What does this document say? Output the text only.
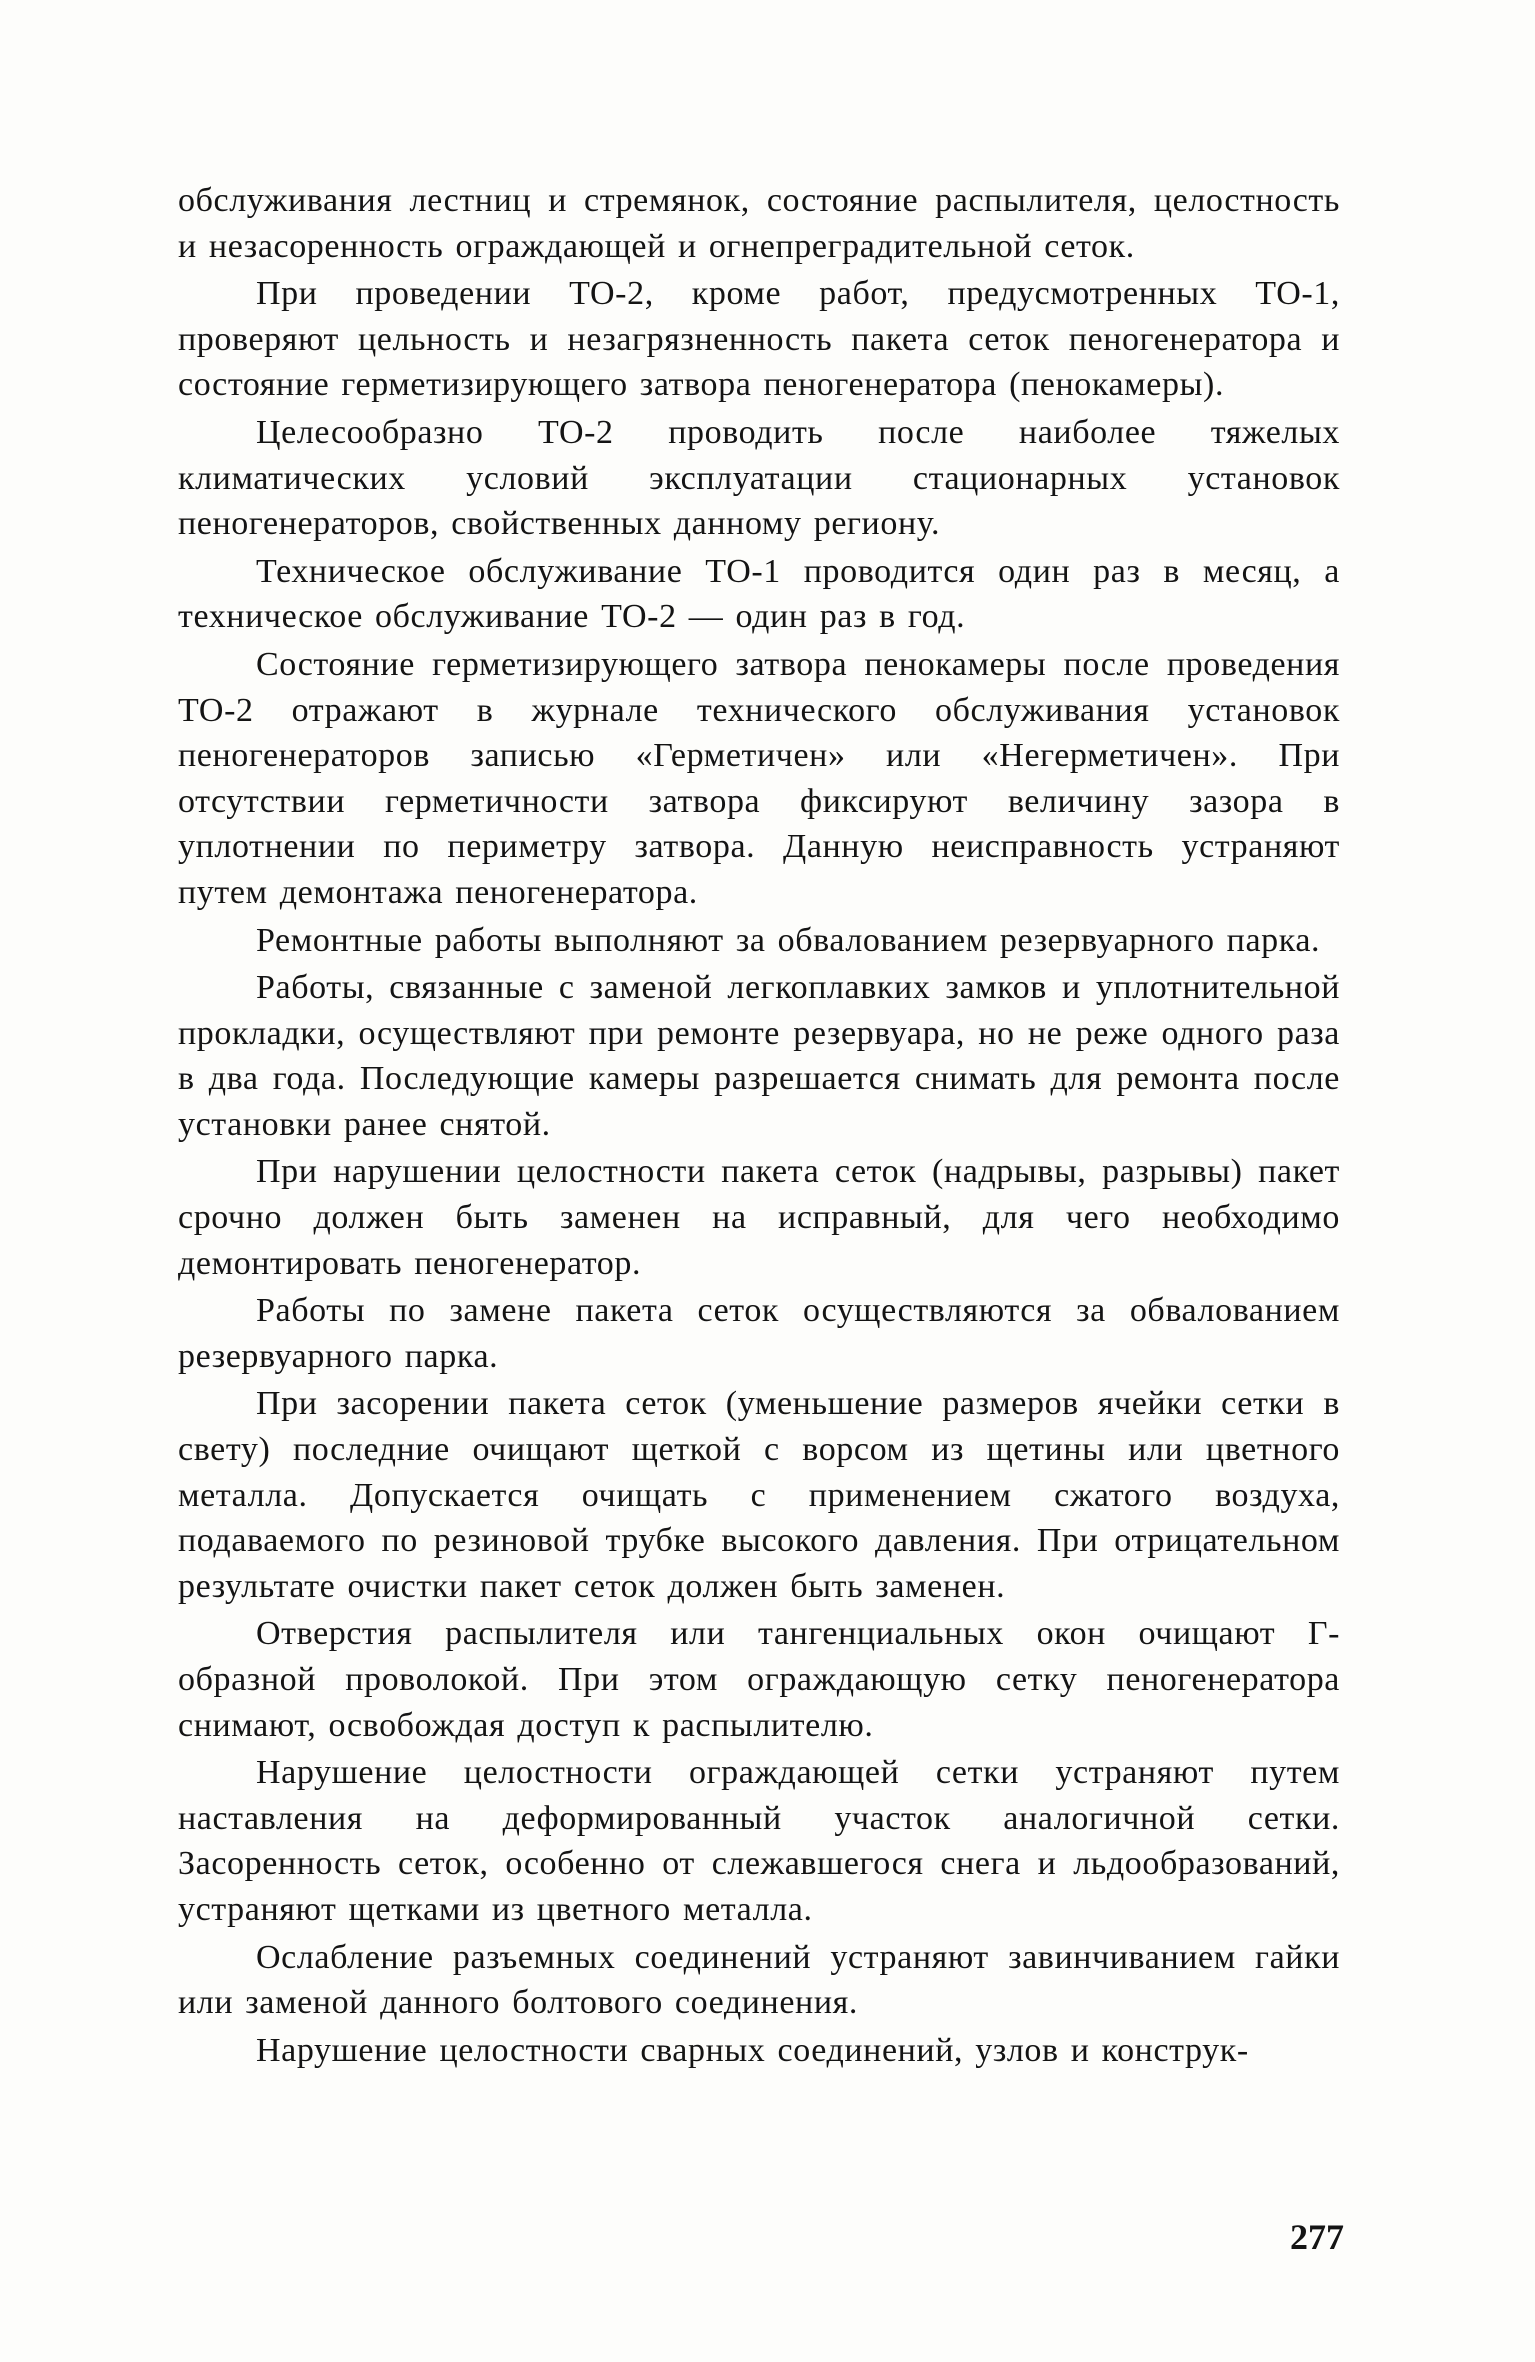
обслуживания лестниц и стремянок, состояние распылителя, целостность и незасоренность ограждающей и огнепреградительной сеток.

При проведении ТО-2, кроме работ, предусмотренных ТО-1, проверяют цельность и незагрязненность пакета сеток пеногенератора и состояние герметизирующего затвора пеногенератора (пенокамеры).

Целесообразно ТО-2 проводить после наиболее тяжелых климатических условий эксплуатации стационарных установок пеногенераторов, свойственных данному региону.

Техническое обслуживание ТО-1 проводится один раз в месяц, а техническое обслуживание ТО-2 — один раз в год.

Состояние герметизирующего затвора пенокамеры после проведения ТО-2 отражают в журнале технического обслуживания установок пеногенераторов записью «Герметичен» или «Негерметичен». При отсутствии герметичности затвора фиксируют величину зазора в уплотнении по периметру затвора. Данную неисправность устраняют путем демонтажа пеногенератора.

Ремонтные работы выполняют за обвалованием резервуарного парка.

Работы, связанные с заменой легкоплавких замков и уплотнительной прокладки, осуществляют при ремонте резервуара, но не реже одного раза в два года. Последующие камеры разрешается снимать для ремонта после установки ранее снятой.

При нарушении целостности пакета сеток (надрывы, разрывы) пакет срочно должен быть заменен на исправный, для чего необходимо демонтировать пеногенератор.

Работы по замене пакета сеток осуществляются за обвалованием резервуарного парка.

При засорении пакета сеток (уменьшение размеров ячейки сетки в свету) последние очищают щеткой с ворсом из щетины или цветного металла. Допускается очищать с применением сжатого воздуха, подаваемого по резиновой трубке высокого давления. При отрицательном результате очистки пакет сеток должен быть заменен.

Отверстия распылителя или тангенциальных окон очищают Г-образной проволокой. При этом ограждающую сетку пеногенератора снимают, освобождая доступ к распылителю.

Нарушение целостности ограждающей сетки устраняют путем наставления на деформированный участок аналогичной сетки. Засоренность сеток, особенно от слежавшегося снега и льдообразований, устраняют щетками из цветного металла.

Ослабление разъемных соединений устраняют завинчиванием гайки или заменой данного болтового соединения.

Нарушение целостности сварных соединений, узлов и конструк-

277
